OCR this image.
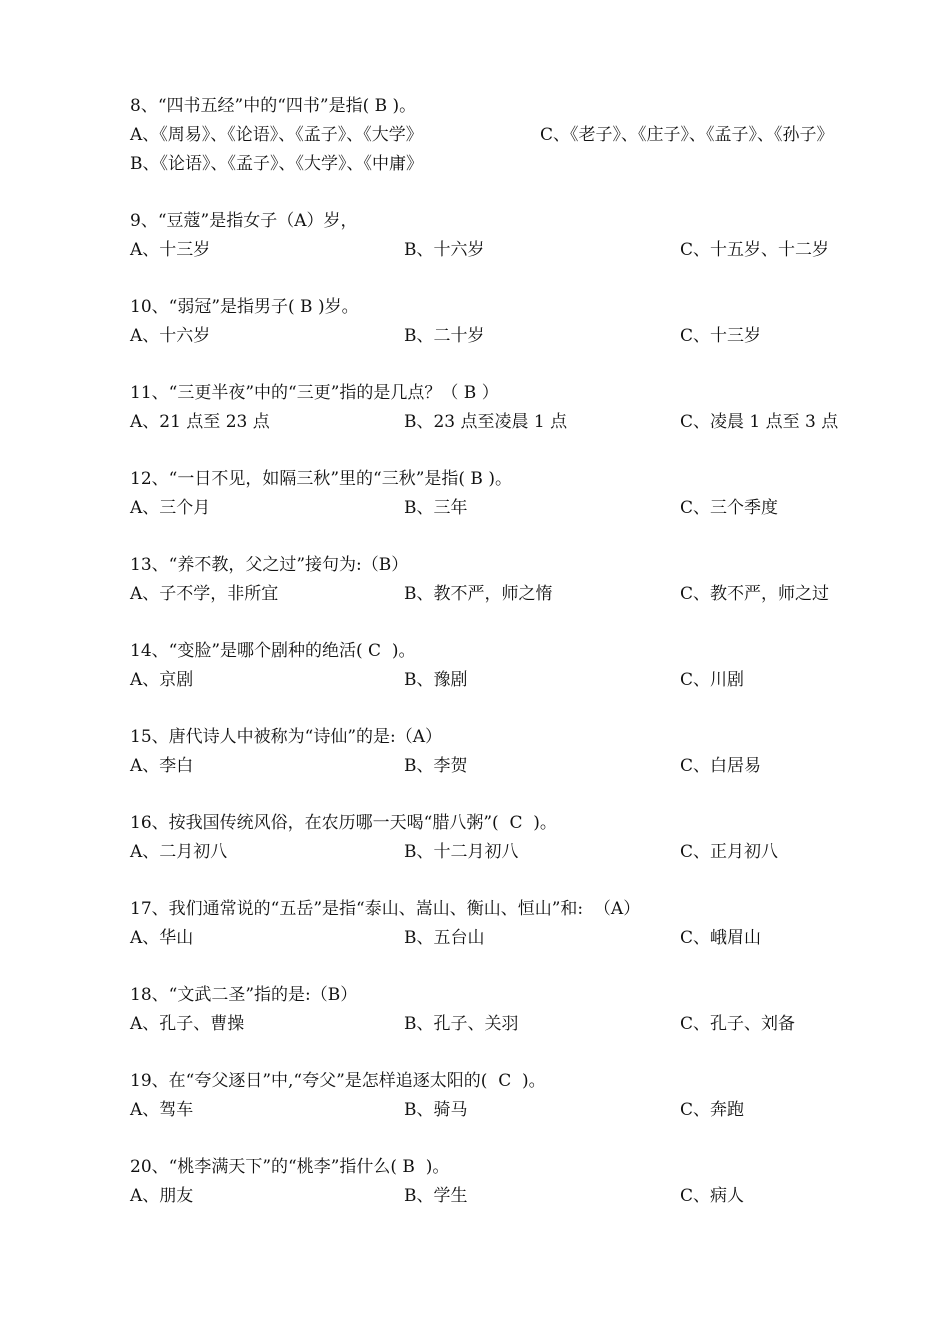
8、“四书五经”中的“四书”是指( B )。

A、《周易》、《论语》、《孟子》、《大学》

	C、《老子》、《庄子》、《孟子》、《孙子》

B、《论语》、《孟子》、《大学》、《中庸》

9、“豆蔻”是指女子（A）岁，

A、十三岁

	B、十六岁

	C、十五岁、十二岁

10、“弱冠”是指男子( B )岁。

A、十六岁

	B、二十岁

	C、十三岁

11、“三更半夜”中的“三更”指的是几点？（ B ）

A、21 点至 23 点

	B、23 点至凌晨 1 点

	C、凌晨 1 点至 3 点

12、“一日不见，如隔三秋”里的“三秋”是指( B )。

A、三个月

	B、三年

	C、三个季度

13、“养不教，父之过”接句为:（B）

A、子不学，非所宜

	B、教不严，师之惰

	C、教不严，师之过

14、“变脸”是哪个剧种的绝活( C  )。

A、京剧

	B、豫剧

	C、川剧

15、唐代诗人中被称为“诗仙”的是:（A）

A、李白

	B、李贺

	C、白居易

16、按我国传统风俗，在农历哪一天喝“腊八粥”(  C  )。

A、二月初八

	B、十二月初八

	C、正月初八

17、我们通常说的“五岳”是指“泰山、嵩山、衡山、恒山”和:  （A）

A、华山

	B、五台山

	C、峨眉山

18、“文武二圣”指的是:（B）

A、孔子、曹操

	B、孔子、关羽

	C、孔子、刘备

19、在“夸父逐日”中,“夸父”是怎样追逐太阳的(  C  )。

A、驾车

	B、骑马

	C、奔跑

20、“桃李满天下”的“桃李”指什么( B  )。

A、朋友

	B、学生

	C、病人
